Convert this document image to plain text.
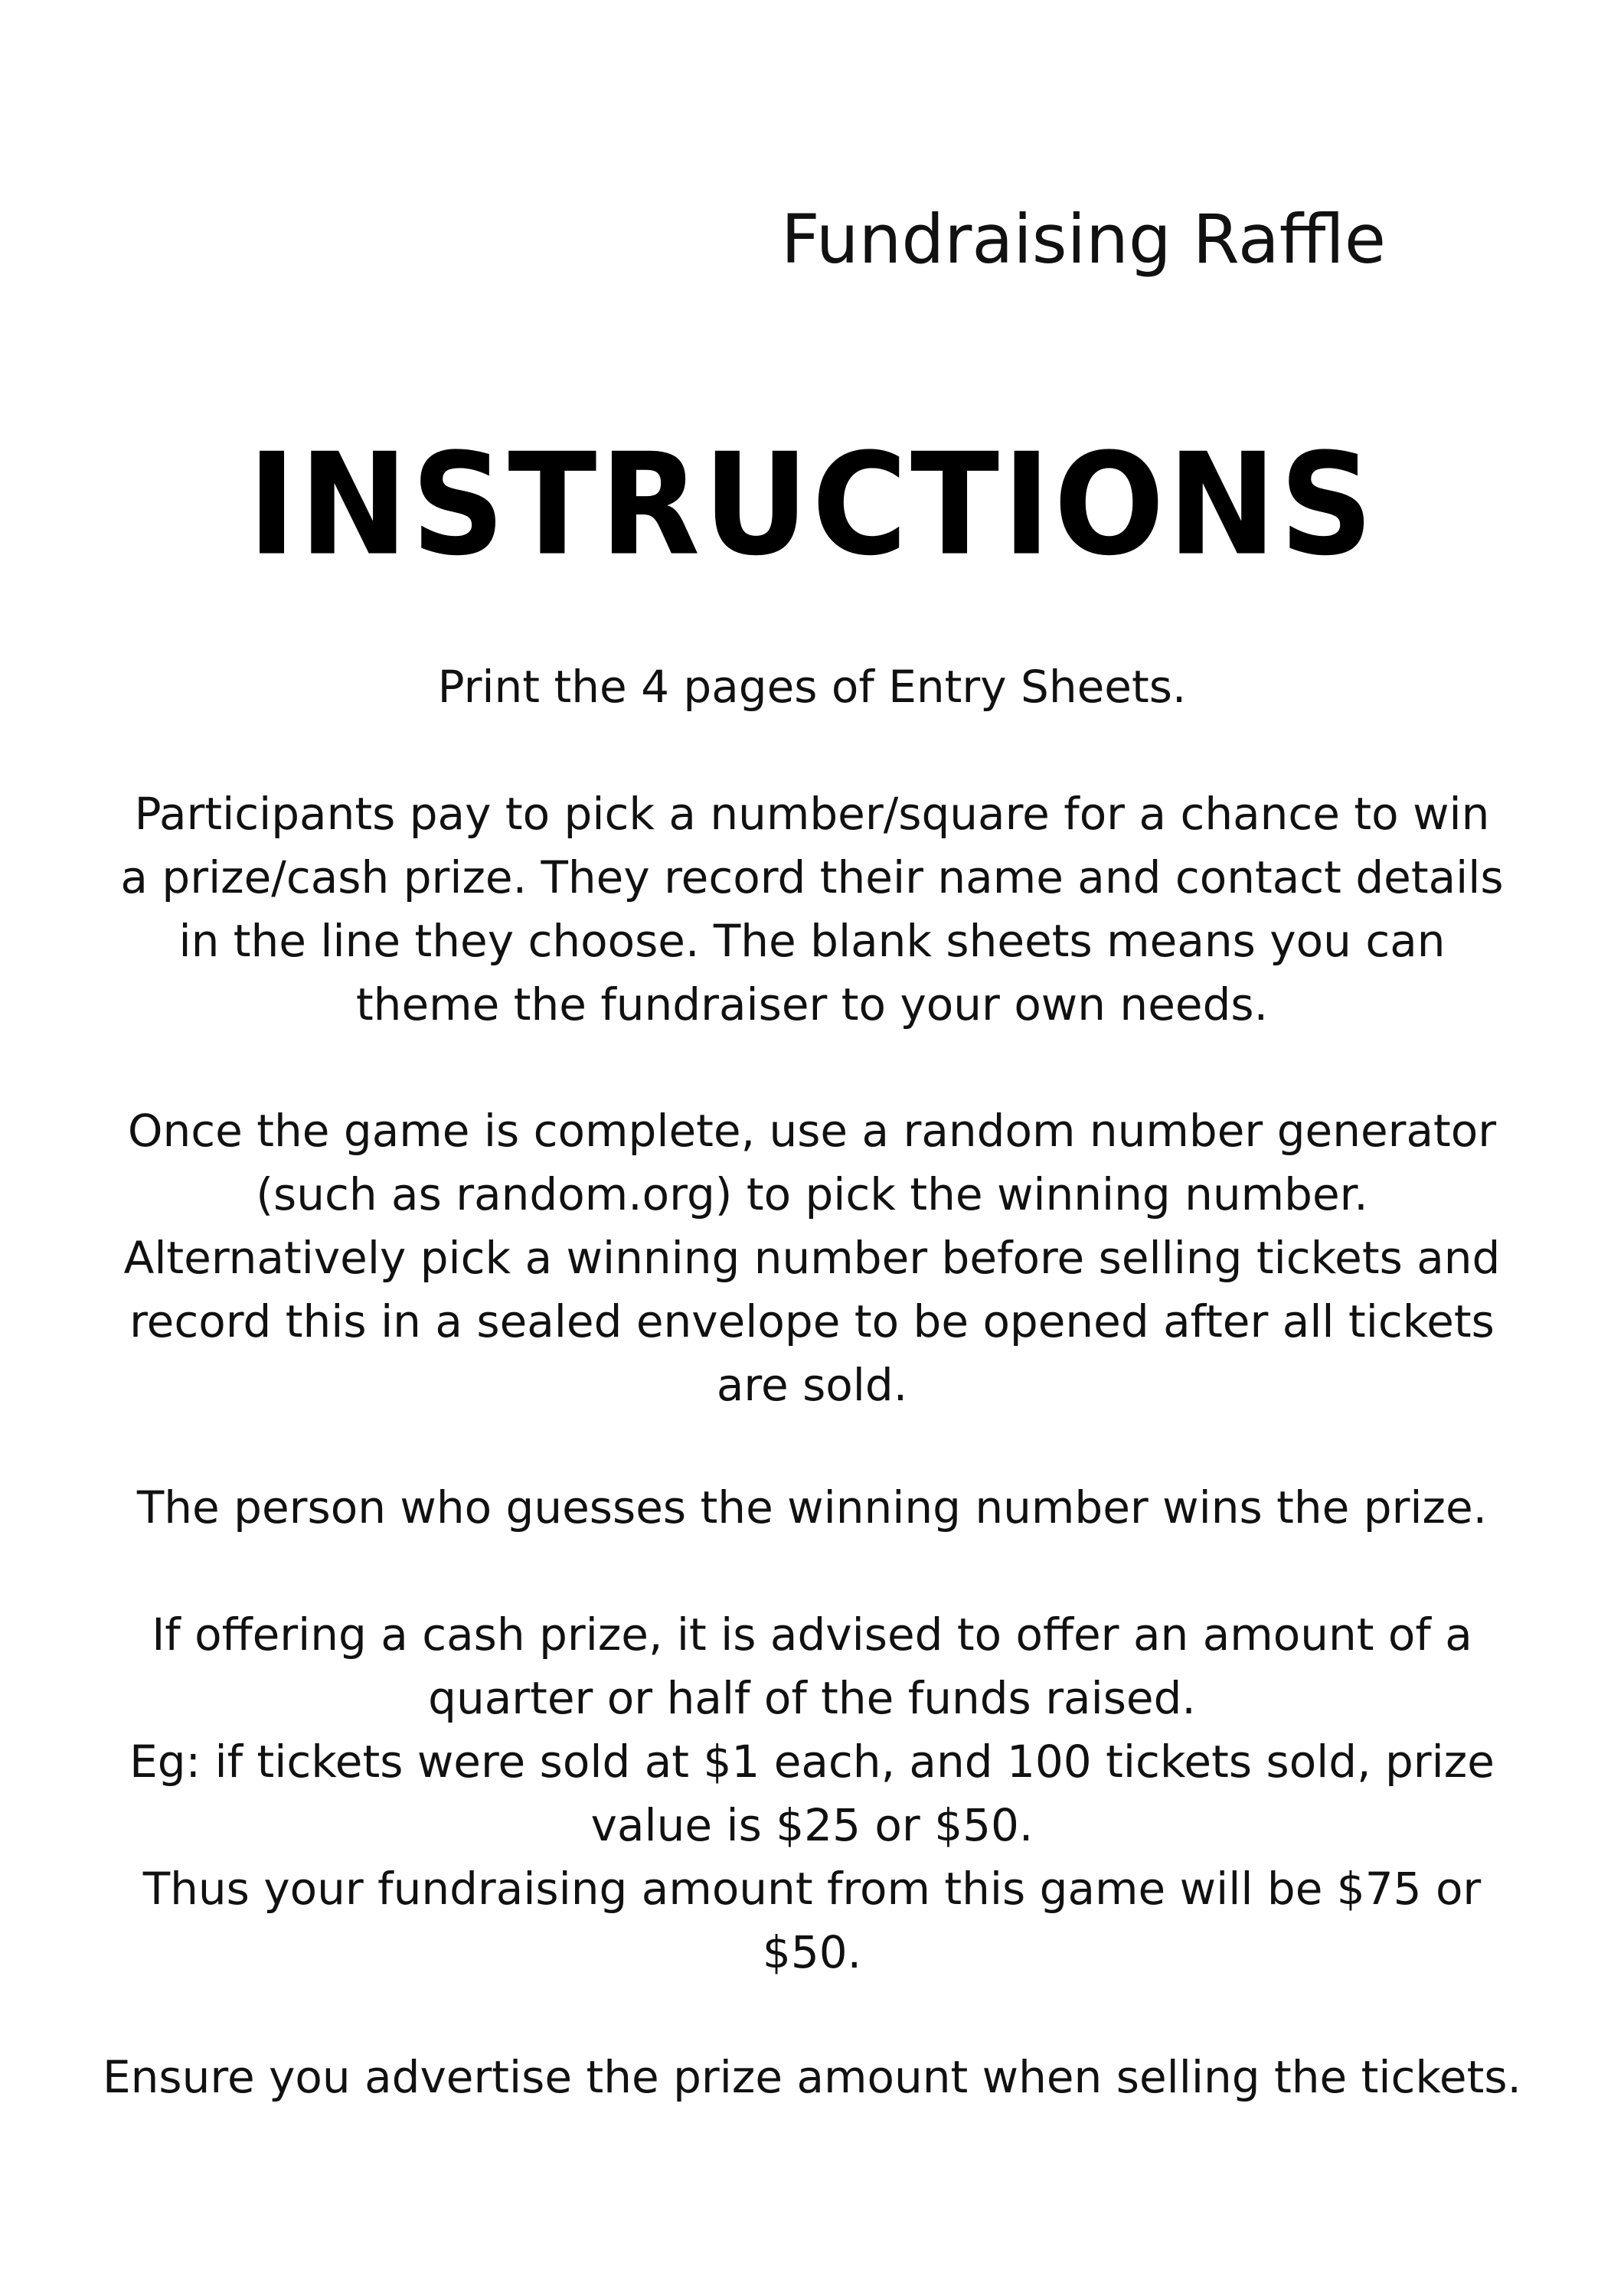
Fundraising Raffle
INSTRUCTIONS
Print the 4 pages of Entry Sheets.
Participants pay to pick a number/square for a chance to win
a prize/cash prize. They record their name and contact details
in the line they choose. The blank sheets means you can
theme the fundraiser to your own needs.
Once the game is complete, use a random number generator
(such as random.org) to pick the winning number.
Alternatively pick a winning number before selling tickets and
record this in a sealed envelope to be opened after all tickets
are sold.
The person who guesses the winning number wins the prize.
If offering a cash prize, it is advised to offer an amount of a
quarter or half of the funds raised.
Eg: if tickets were sold at $1 each, and 100 tickets sold, prize
value is $25 or $50.
Thus your fundraising amount from this game will be $75 or
$50.
Ensure you advertise the prize amount when selling the tickets.
